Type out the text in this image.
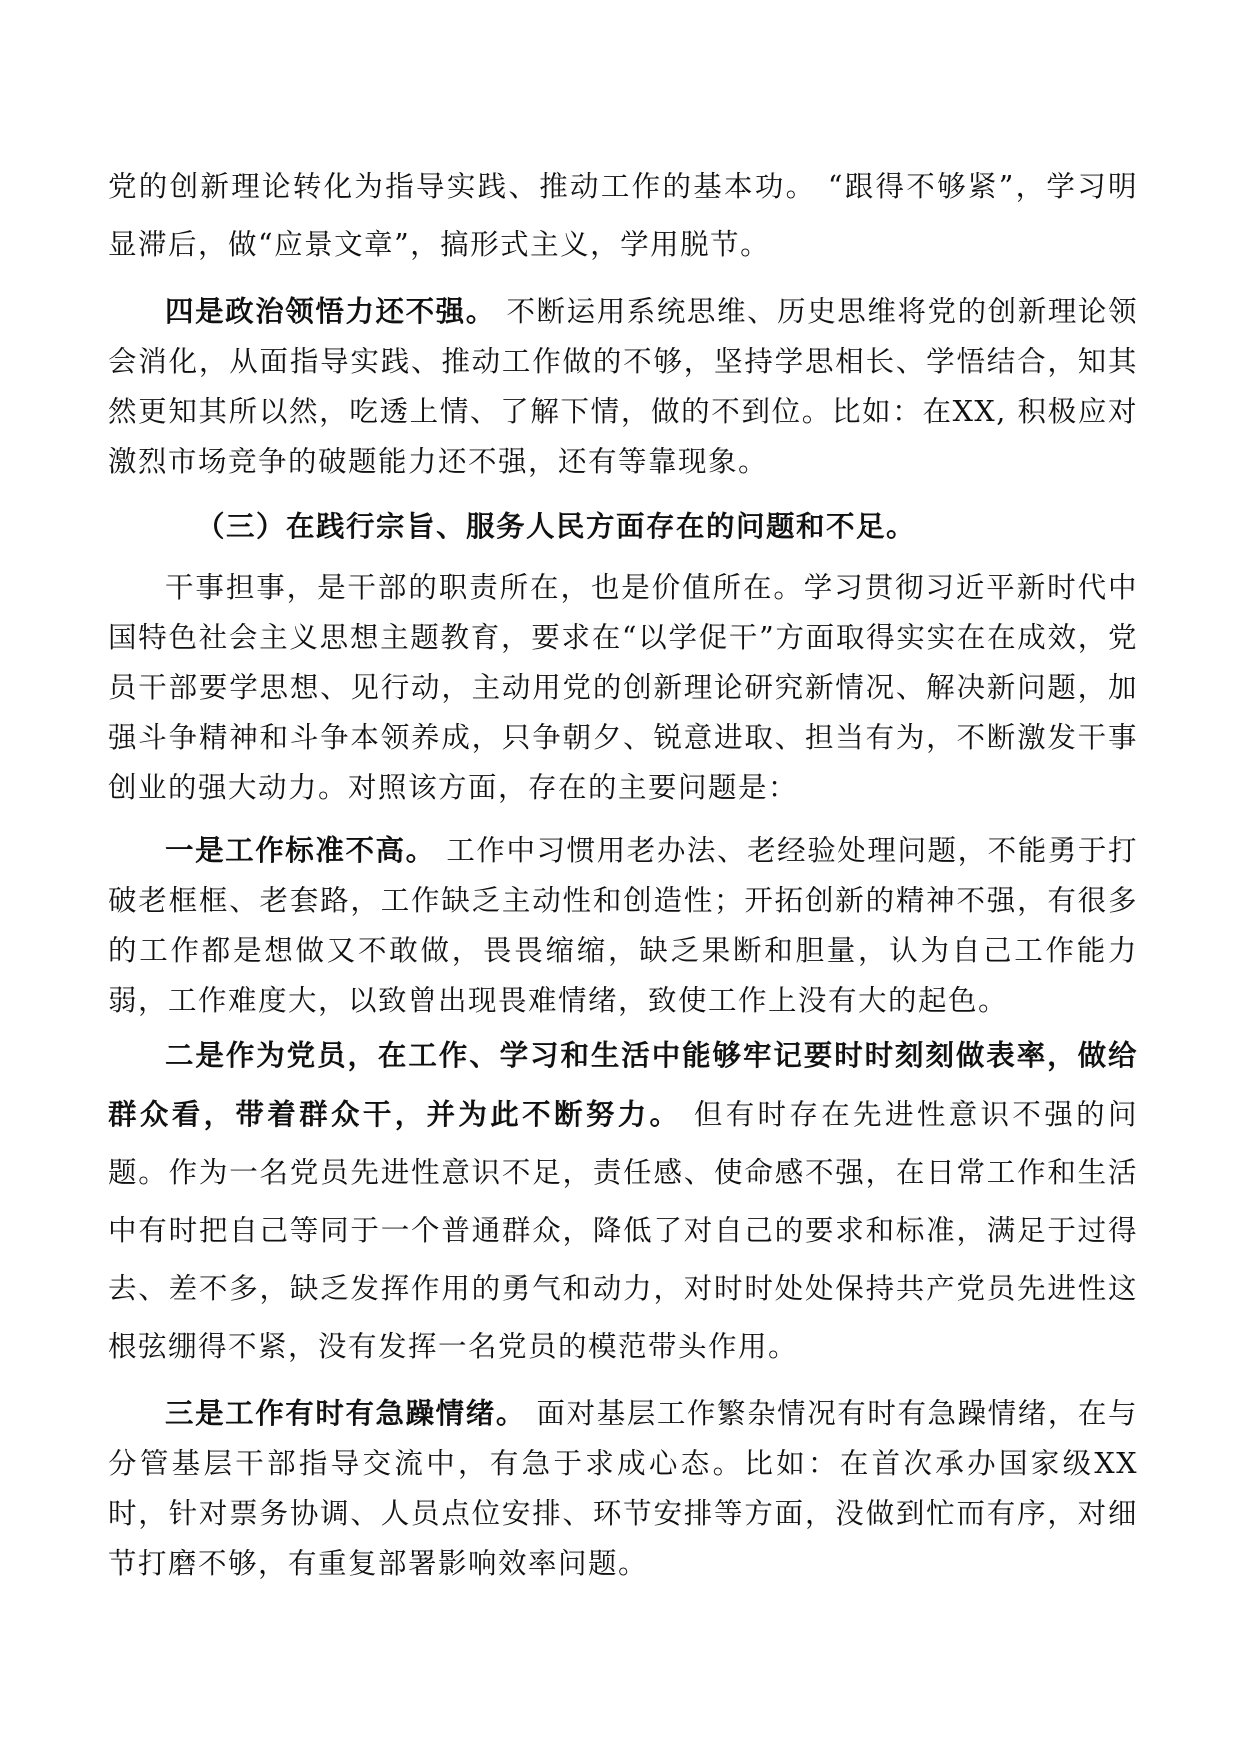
党的创新理论转化为指导实践、推动工作的基本功。 “跟得不够紧”，学习明显滞后，做“应景文章”，搞形式主义，学用脱节。

四是政治领悟力还不强。 不断运用系统思维、历史思维将党的创新理论领会消化，从面指导实践、推动工作做的不够，坚持学思相长、学悟结合，知其然更知其所以然，吃透上情、了解下情，做的不到位。比如：在XX, 积极应对激烈市场竞争的破题能力还不强，还有等靠现象。

（三）在践行宗旨、服务人民方面存在的问题和不足。

干事担事，是干部的职责所在，也是价值所在。学习贯彻习近平新时代中国特色社会主义思想主题教育，要求在“以学促干”方面取得实实在在成效，党员干部要学思想、见行动，主动用党的创新理论研究新情况、解决新问题，加强斗争精神和斗争本领养成，只争朝夕、锐意进取、担当有为，不断激发干事创业的强大动力。对照该方面，存在的主要问题是：

一是工作标准不高。 工作中习惯用老办法、老经验处理问题，不能勇于打破老框框、老套路，工作缺乏主动性和创造性；开拓创新的精神不强，有很多的工作都是想做又不敢做，畏畏缩缩，缺乏果断和胆量，认为自己工作能力弱，工作难度大，以致曾出现畏难情绪，致使工作上没有大的起色。

二是作为党员，在工作、学习和生活中能够牢记要时时刻刻做表率，做给群众看，带着群众干，并为此不断努力。 但有时存在先进性意识不强的问题。作为一名党员先进性意识不足，责任感、使命感不强，在日常工作和生活中有时把自己等同于一个普通群众，降低了对自己的要求和标准，满足于过得去、差不多，缺乏发挥作用的勇气和动力，对时时处处保持共产党员先进性这根弦绷得不紧，没有发挥一名党员的模范带头作用。

三是工作有时有急躁情绪。 面对基层工作繁杂情况有时有急躁情绪，在与分管基层干部指导交流中，有急于求成心态。比如：在首次承办国家级XX 时，针对票务协调、人员点位安排、环节安排等方面，没做到忙而有序，对细节打磨不够，有重复部署影响效率问题。
